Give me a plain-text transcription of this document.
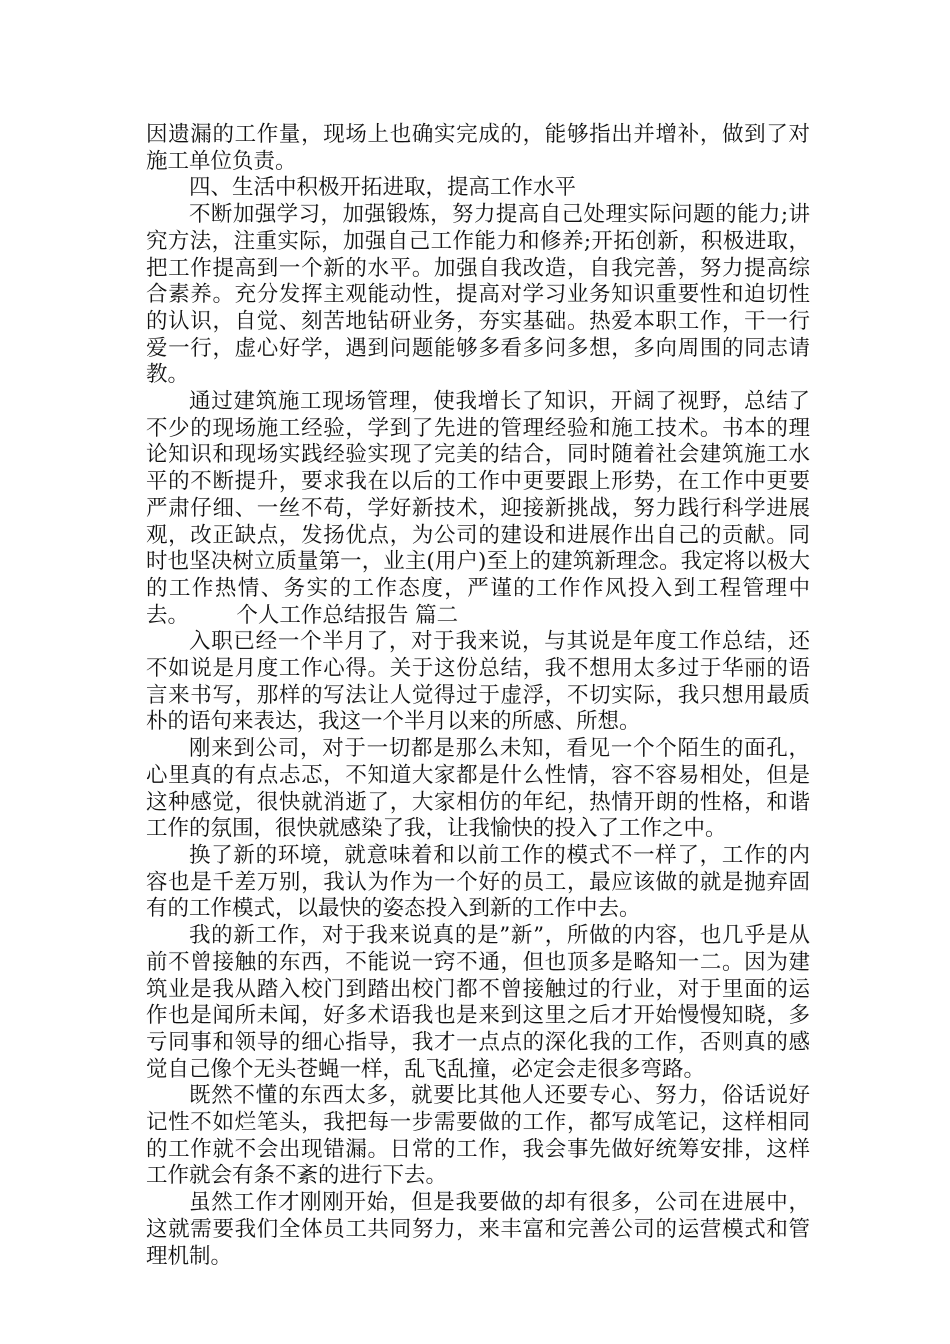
因遗漏的工作量，现场上也确实完成的，能够指出并增补，做到了对施工单位负责。

四、生活中积极开拓进取，提高工作水平

不断加强学习，加强锻炼，努力提高自己处理实际问题的能力;讲究方法，注重实际，加强自己工作能力和修养;开拓创新，积极进取，把工作提高到一个新的水平。加强自我改造，自我完善，努力提高综合素养。充分发挥主观能动性，提高对学习业务知识重要性和迫切性的认识，自觉、刻苦地钻研业务，夯实基础。热爱本职工作，干一行爱一行，虚心好学，遇到问题能够多看多问多想，多向周围的同志请教。

通过建筑施工现场管理，使我增长了知识，开阔了视野，总结了不少的现场施工经验，学到了先进的管理经验和施工技术。书本的理论知识和现场实践经验实现了完美的结合，同时随着社会建筑施工水平的不断提升，要求我在以后的工作中更要跟上形势，在工作中更要严肃仔细、一丝不苟，学好新技术，迎接新挑战，努力践行科学进展观，改正缺点，发扬优点，为公司的建设和进展作出自己的贡献。同时也坚决树立质量第一，业主(用户)至上的建筑新理念。我定将以极大的工作热情、务实的工作态度，严谨的工作作风投入到工程管理中去。 个人工作总结报告 篇二

入职已经一个半月了，对于我来说，与其说是年度工作总结，还不如说是月度工作心得。关于这份总结，我不想用太多过于华丽的语言来书写，那样的写法让人觉得过于虚浮，不切实际，我只想用最质朴的语句来表达，我这一个半月以来的所感、所想。

刚来到公司，对于一切都是那么未知，看见一个个陌生的面孔，心里真的有点忐忑，不知道大家都是什么性情，容不容易相处，但是这种感觉，很快就消逝了，大家相仿的年纪，热情开朗的性格，和谐工作的氛围，很快就感染了我，让我愉快的投入了工作之中。

换了新的环境，就意味着和以前工作的模式不一样了，工作的内容也是千差万别，我认为作为一个好的员工，最应该做的就是抛弃固有的工作模式，以最快的姿态投入到新的工作中去。

我的新工作，对于我来说真的是”新”，所做的内容，也几乎是从前不曾接触的东西，不能说一窍不通，但也顶多是略知一二。因为建筑业是我从踏入校门到踏出校门都不曾接触过的行业，对于里面的运作也是闻所未闻，好多术语我也是来到这里之后才开始慢慢知晓，多亏同事和领导的细心指导，我才一点点的深化我的工作，否则真的感觉自己像个无头苍蝇一样，乱飞乱撞，必定会走很多弯路。

既然不懂的东西太多，就要比其他人还要专心、努力，俗话说好记性不如烂笔头，我把每一步需要做的工作，都写成笔记，这样相同的工作就不会出现错漏。日常的工作，我会事先做好统筹安排，这样工作就会有条不紊的进行下去。

虽然工作才刚刚开始，但是我要做的却有很多，公司在进展中，这就需要我们全体员工共同努力，来丰富和完善公司的运营模式和管理机制。
